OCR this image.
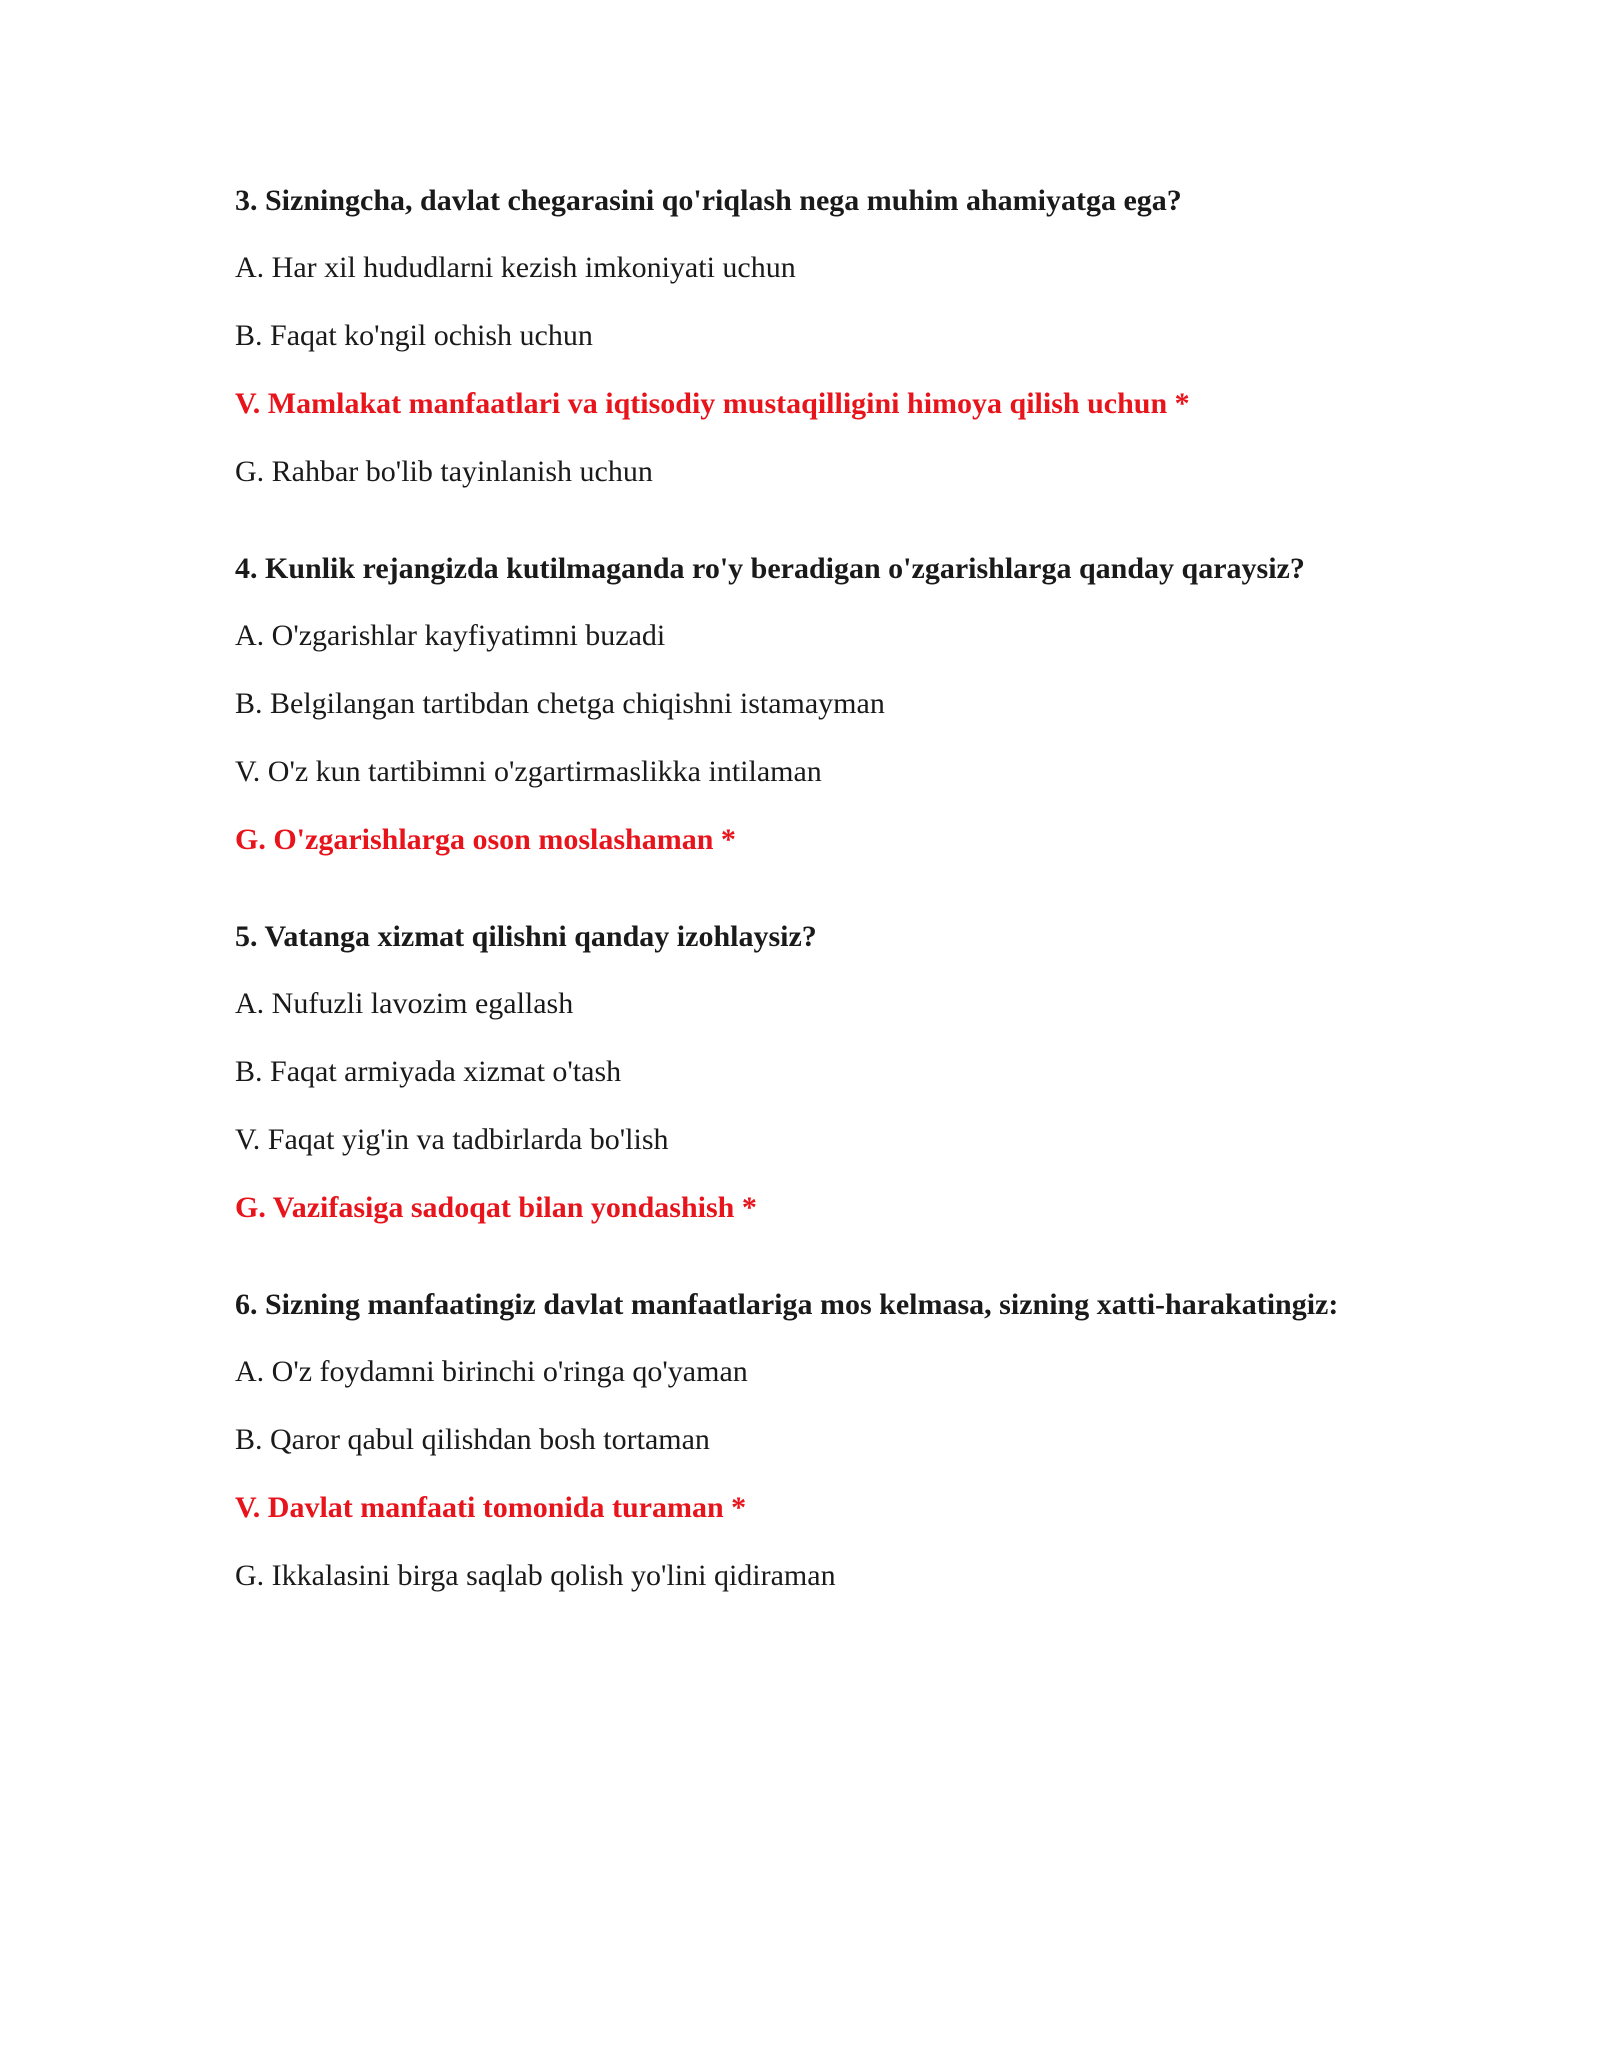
3. Sizningcha, davlat chegarasini qo'riqlash nega muhim ahamiyatga ega?
A. Har xil hududlarni kezish imkoniyati uchun
B. Faqat ko'ngil ochish uchun
V. Mamlakat manfaatlari va iqtisodiy mustaqilligini himoya qilish uchun *
G. Rahbar bo'lib tayinlanish uchun
4. Kunlik rejangizda kutilmaganda ro'y beradigan o'zgarishlarga qanday qaraysiz?
A. O'zgarishlar kayfiyatimni buzadi
B. Belgilangan tartibdan chetga chiqishni istamayman
V. O'z kun tartibimni o'zgartirmaslikka intilaman
G. O'zgarishlarga oson moslashaman *
5. Vatanga xizmat qilishni qanday izohlaysiz?
A. Nufuzli lavozim egallash
B. Faqat armiyada xizmat o'tash
V. Faqat yig'in va tadbirlarda bo'lish
G. Vazifasiga sadoqat bilan yondashish *
6. Sizning manfaatingiz davlat manfaatlariga mos kelmasa, sizning xatti-harakatingiz:
A. O'z foydamni birinchi o'ringa qo'yaman
B. Qaror qabul qilishdan bosh tortaman
V. Davlat manfaati tomonida turaman *
G. Ikkalasini birga saqlab qolish yo'lini qidiraman
